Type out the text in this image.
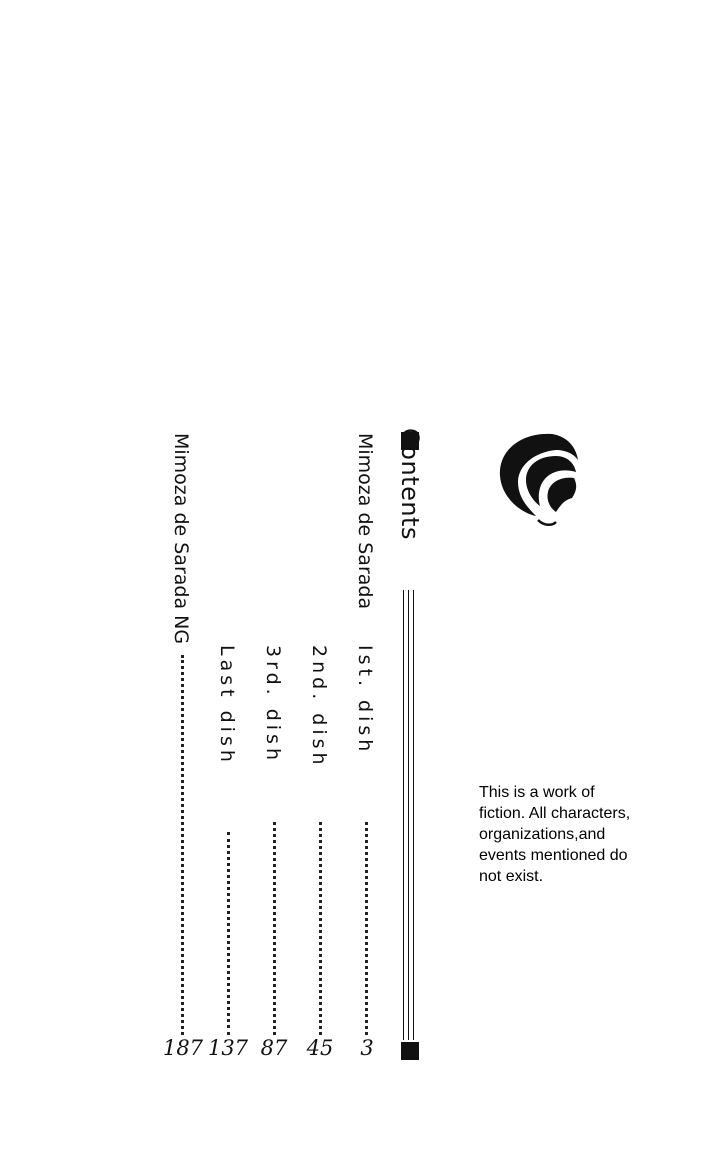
Contents
Mimoza de Sarada
Ist. dish
3
2nd. dish
45
3rd. dish
87
Last dish
137
Mimoza de Sarada NG
187
This is a work of
fiction. All characters,
organizations,and
events mentioned do
not exist.
